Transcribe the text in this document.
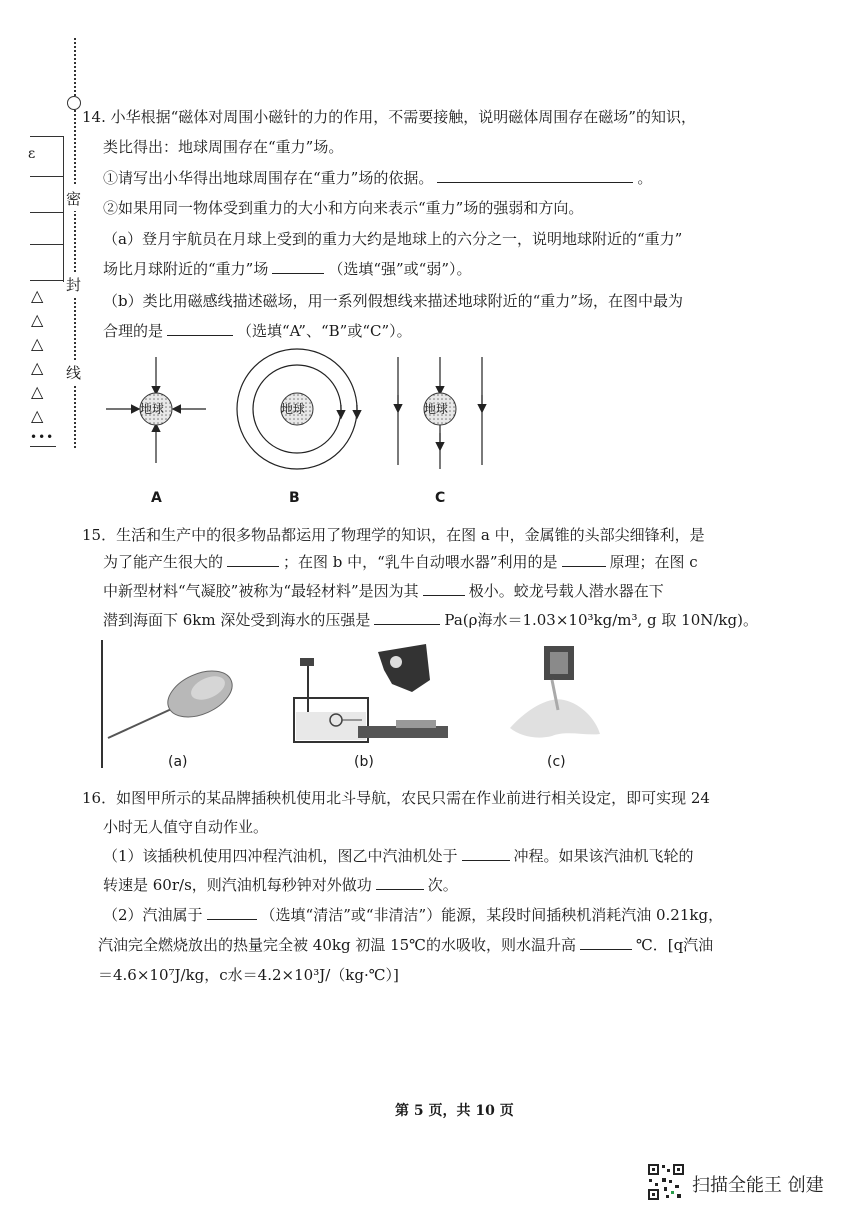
密
封
线
ɛ
△
△
△
△
△
△
•••
14. 小华根据“磁体对周围小磁针的力的作用，不需要接触，说明磁体周围存在磁场”的知识，
类比得出：地球周围存在“重力”场。
①请写出小华得出地球周围存在“重力”场的依据。	。
②如果用同一物体受到重力的大小和方向来表示“重力”场的强弱和方向。
（a）登月宇航员在月球上受到的重力大约是地球上的六分之一，说明地球附近的“重力”
场比月球附近的“重力”场	（选填“强”或“弱”）。
（b）类比用磁感线描述磁场，用一系列假想线来描述地球附近的“重力”场，在图中最为
合理的是	（选填“A”、“B”或“C”）。
地球	地球	地球
A	B	C
15．生活和生产中的很多物品都运用了物理学的知识，在图 a 中，金属锥的头部尖细锋利，是
为了能产生很大的	；在图 b 中，“乳牛自动喂水器”利用的是	原理；在图 c
中新型材料“气凝胶”被称为“最轻材料”是因为其	极小。蛟龙号载人潜水器在下
潜到海面下 6km 深处受到海水的压强是	Pa(ρ海水＝1.03×10³kg/m³, g 取 10N/kg)。
(a)	(b)	(c)
16．如图甲所示的某品牌插秧机使用北斗导航，农民只需在作业前进行相关设定，即可实现 24
小时无人值守自动作业。
（1）该插秧机使用四冲程汽油机，图乙中汽油机处于	冲程。如果该汽油机飞轮的
转速是 60r/s，则汽油机每秒钟对外做功	次。
（2）汽油属于	（选填“清洁”或“非清洁”）能源，某段时间插秧机消耗汽油 0.21kg，
汽油完全燃烧放出的热量完全被 40kg 初温 15℃的水吸收，则水温升高	℃．[q汽油
＝4.6×10⁷J/kg，c水＝4.2×10³J/（kg·℃）]
第 5 页，共 10 页
扫描全能王 创建
